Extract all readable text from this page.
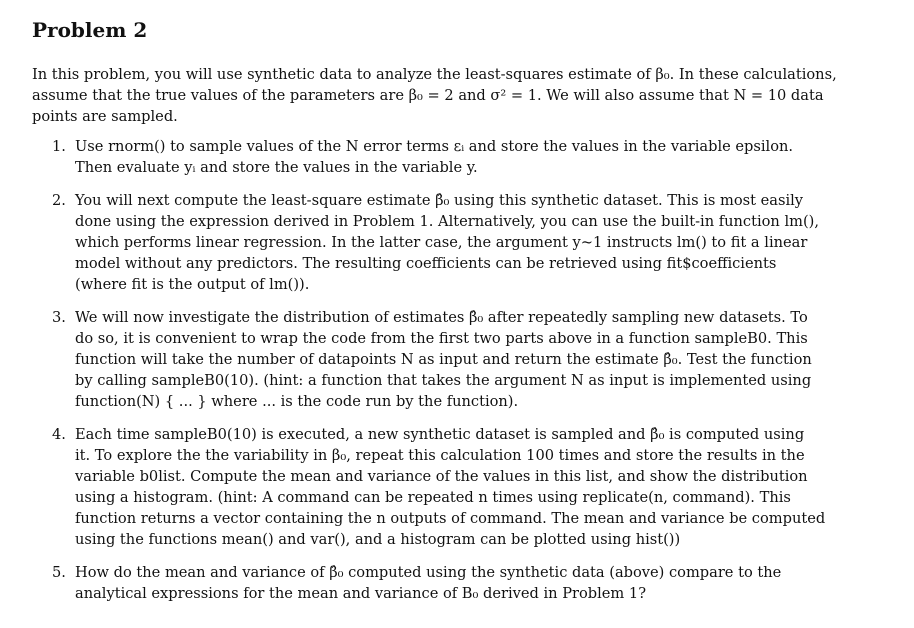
Problem 2

In this problem, you will use synthetic data to analyze the least-squares estimate of β₀. In these calculations,
assume that the true values of the parameters are β₀ = 2 and σ² = 1. We will also assume that N = 10 data
points are sampled.

1. Use rnorm() to sample values of the N error terms εᵢ and store the values in the variable epsilon.
Then evaluate yᵢ and store the values in the variable y.
2. You will next compute the least-square estimate β̂₀ using this synthetic dataset. This is most easily
done using the expression derived in Problem 1. Alternatively, you can use the built-in function lm(),
which performs linear regression. In the latter case, the argument y~1 instructs lm() to fit a linear
model without any predictors. The resulting coefficients can be retrieved using fit$coefficients
(where fit is the output of lm()).
3. We will now investigate the distribution of estimates β̂₀ after repeatedly sampling new datasets. To
do so, it is convenient to wrap the code from the first two parts above in a function sampleB0. This
function will take the number of datapoints N as input and return the estimate β̂₀. Test the function
by calling sampleB0(10). (hint: a function that takes the argument N as input is implemented using
function(N) { ... } where ... is the code run by the function).
4. Each time sampleB0(10) is executed, a new synthetic dataset is sampled and β̂₀ is computed using
it. To explore the the variability in β₀, repeat this calculation 100 times and store the results in the
variable b0list. Compute the mean and variance of the values in this list, and show the distribution
using a histogram. (hint: A command can be repeated n times using replicate(n, command). This
function returns a vector containing the n outputs of command. The mean and variance be computed
using the functions mean() and var(), and a histogram can be plotted using hist())
5. How do the mean and variance of β̂₀ computed using the synthetic data (above) compare to the
analytical expressions for the mean and variance of B₀ derived in Problem 1?
